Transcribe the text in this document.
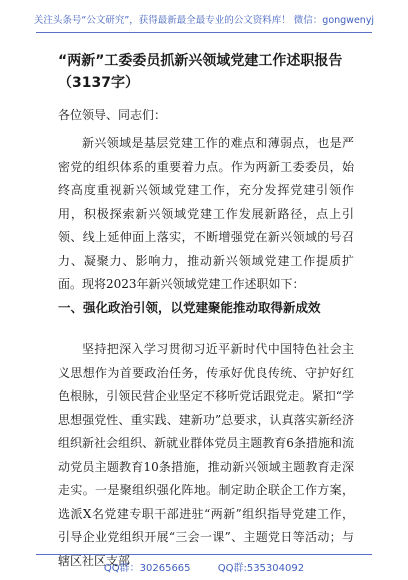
关注头条号“公文研究”，获得最新最全最专业的公文资料库！ 微信：gongwenyj
“两新”工委委员抓新兴领域党建工作述职报告（3137字）
各位领导、同志们：
新兴领域是基层党建工作的难点和薄弱点，也是严密党的组织体系的重要着力点。作为两新工委委员，始终高度重视新兴领域党建工作，充分发挥党建引领作用，积极探索新兴领域党建工作发展新路径，点上引领、线上延伸面上落实，不断增强党在新兴领域的号召力、凝聚力、影响力，推动新兴领域党建工作提质扩面。现将2023年新兴领域党建工作述职如下：
一、强化政治引领，以党建聚能推动取得新成效
坚持把深入学习贯彻习近平新时代中国特色社会主义思想作为首要政治任务，传承好优良传统、守护好红色根脉，引领民营企业坚定不移听党话跟党走。紧扣“学思想强党性、重实践、建新功”总要求，认真落实新经济组织新社会组织、新就业群体党员主题教育6条措施和流动党员主题教育10条措施，推动新兴领域主题教育走深走实。一是聚组织强化阵地。制定助企联企工作方案，选派X名党建专职干部进驻“两新”组织指导党建工作，引导企业党组织开展“三会一课”、主题党日等活动；与辖区社区支部
QQ群：30265665	QQ群:535304092
